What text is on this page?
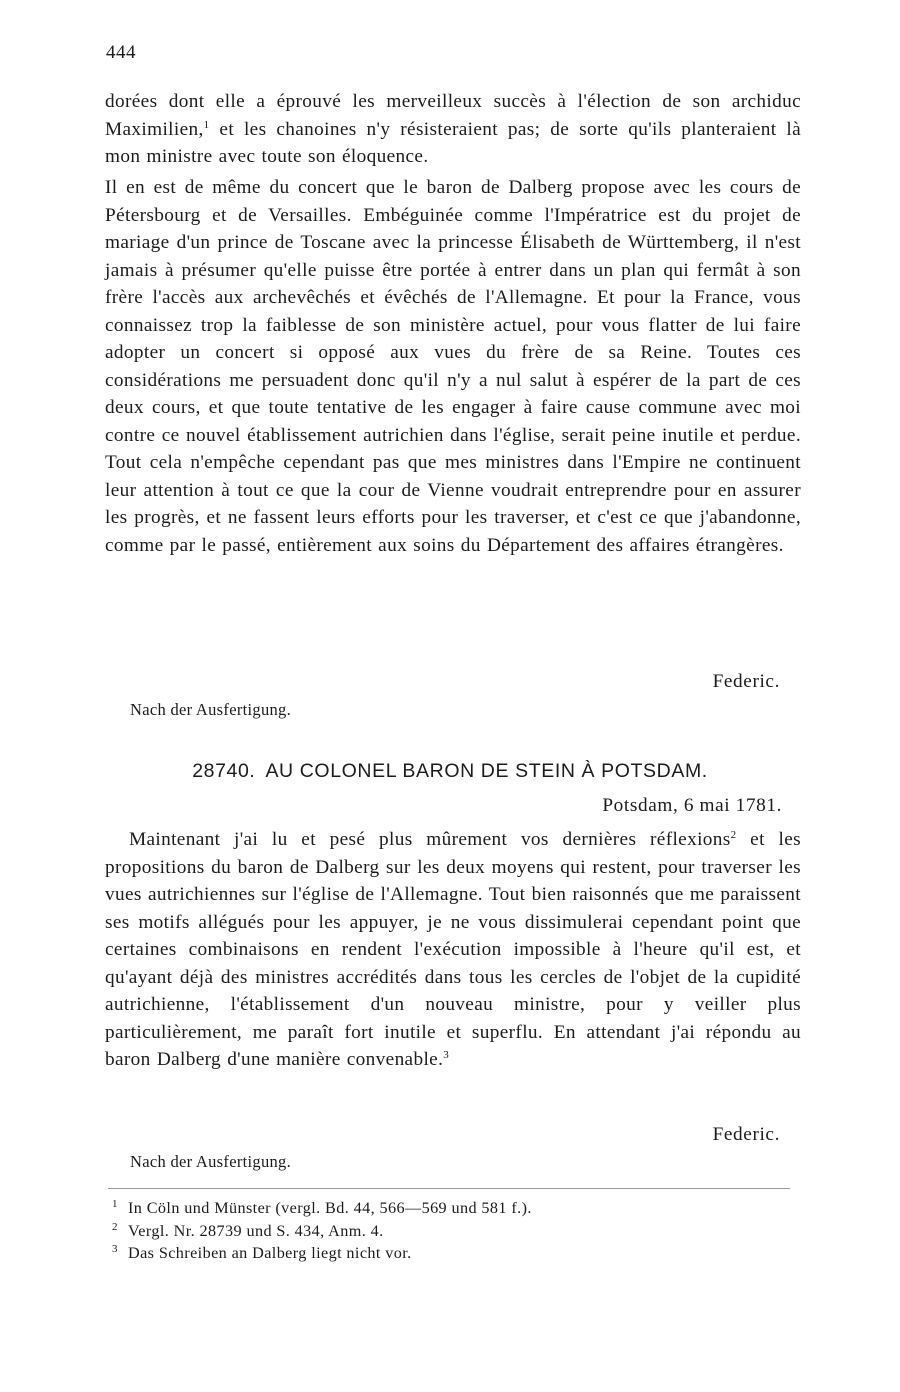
444
dorées dont elle a éprouvé les merveilleux succès à l'élection de son archiduc Maximilien,$^1$ et les chanoines n'y résisteraient pas; de sorte qu'ils planteraient là mon ministre avec toute son éloquence.
Il en est de même du concert que le baron de Dalberg propose avec les cours de Pétersbourg et de Versailles. Embéguinée comme l'Impératrice est du projet de mariage d'un prince de Toscane avec la princesse Élisabeth de Württemberg, il n'est jamais à présumer qu'elle puisse être portée à entrer dans un plan qui fermât à son frère l'accès aux archevêchés et évêchés de l'Allemagne. Et pour la France, vous connaissez trop la faiblesse de son ministère actuel, pour vous flatter de lui faire adopter un concert si opposé aux vues du frère de sa Reine. Toutes ces considérations me persuadent donc qu'il n'y a nul salut à espérer de la part de ces deux cours, et que toute tentative de les engager à faire cause commune avec moi contre ce nouvel établissement autrichien dans l'église, serait peine inutile et perdue. Tout cela n'empêche cependant pas que mes ministres dans l'Empire ne continuent leur attention à tout ce que la cour de Vienne voudrait entreprendre pour en assurer les progrès, et ne fassent leurs efforts pour les traverser, et c'est ce que j'abandonne, comme par le passé, entièrement aux soins du Département des affaires étrangères.
Federic.
Nach der Ausfertigung.
28740. AU COLONEL BARON DE STEIN À POTSDAM.
Potsdam, 6 mai 1781.
Maintenant j'ai lu et pesé plus mûrement vos dernières réflexions$^2$ et les propositions du baron de Dalberg sur les deux moyens qui restent, pour traverser les vues autrichiennes sur l'église de l'Allemagne. Tout bien raisonnés que me paraissent ses motifs allégués pour les appuyer, je ne vous dissimulerai cependant point que certaines combinaisons en rendent l'exécution impossible à l'heure qu'il est, et qu'ayant déjà des ministres accrédités dans tous les cercles de l'objet de la cupidité autrichienne, l'établissement d'un nouveau ministre, pour y veiller plus particulièrement, me paraît fort inutile et superflu. En attendant j'ai répondu au baron Dalberg d'une manière convenable.$^3$
Federic.
Nach der Ausfertigung.
1 In Cöln und Münster (vergl. Bd. 44, 566—569 und 581 f.).
2 Vergl. Nr. 28739 und S. 434, Anm. 4.
3 Das Schreiben an Dalberg liegt nicht vor.
